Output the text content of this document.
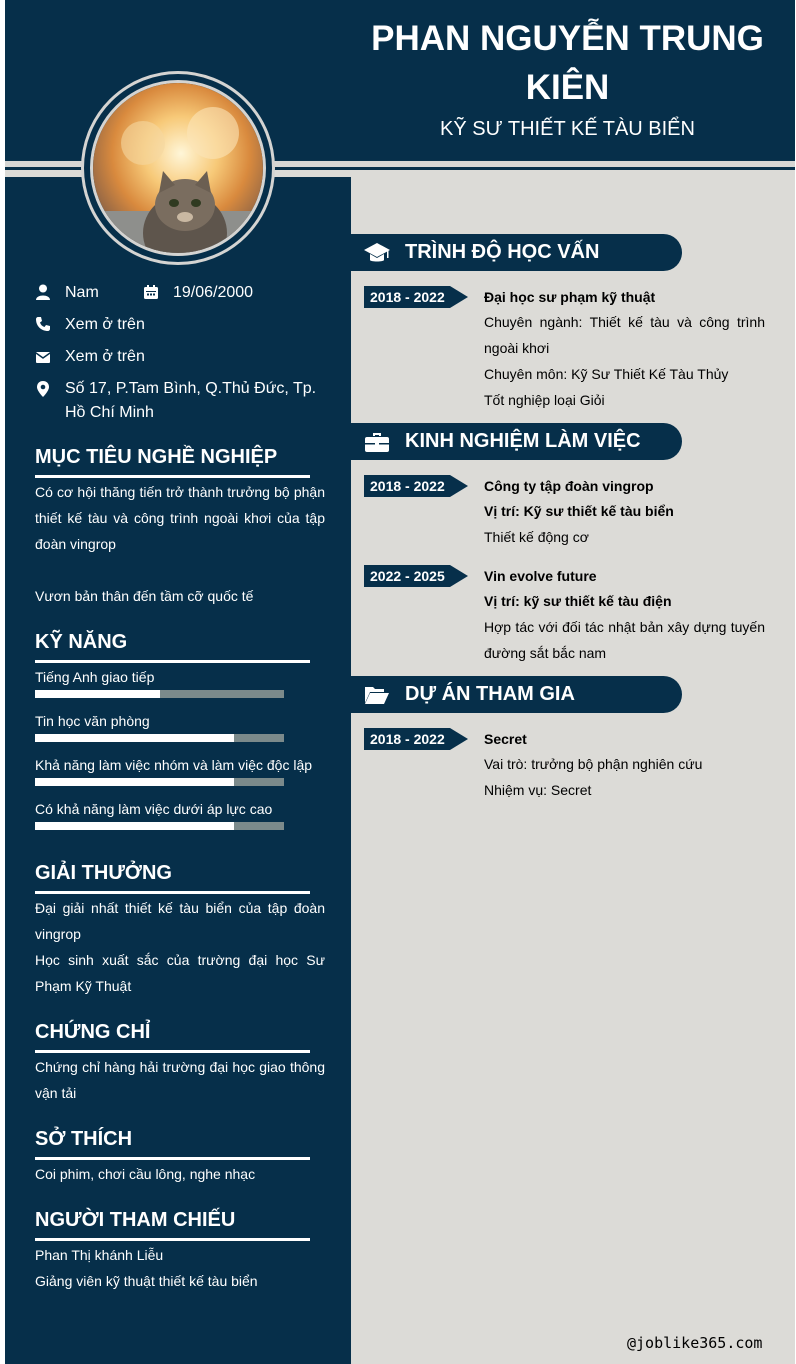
PHAN NGUYỄN TRUNG KIÊN
KỸ SƯ THIẾT KẾ TÀU BIỂN
Nam	19/06/2000
Xem ở trên
Xem ở trên
Số 17, P.Tam Bình, Q.Thủ Đức, Tp. Hồ Chí Minh
MỤC TIÊU NGHỀ NGHIỆP
Có cơ hội thăng tiến trở thành trưởng bộ phận thiết kế tàu và công trình ngoài khơi của tập đoàn vingrop
Vươn bản thân đến tầm cỡ quốc tế
KỸ NĂNG
Tiếng Anh giao tiếp
Tin học văn phòng
Khả năng làm việc nhóm và làm việc độc lập
Có khả năng làm việc dưới áp lực cao
GIẢI THƯỞNG
Đại giải nhất thiết kế tàu biển của tập đoàn vingrop
Học sinh xuất sắc của trường đại học Sư Phạm Kỹ Thuật
CHỨNG CHỈ
Chứng chỉ hàng hải trường đại học giao thông vận tải
SỞ THÍCH
Coi phim, chơi cầu lông, nghe nhạc
NGƯỜI THAM CHIẾU
Phan Thị khánh Liễu
Giảng viên kỹ thuật thiết kế tàu biển
TRÌNH ĐỘ HỌC VẤN
2018 - 2022	Đại học sư phạm kỹ thuật
Chuyên ngành: Thiết kế tàu và công trình ngoài khơi
Chuyên môn: Kỹ Sư Thiết Kế Tàu Thủy
Tốt nghiệp loại Giỏi
KINH NGHIỆM LÀM VIỆC
2018 - 2022	Công ty tập đoàn vingrop
Vị trí: Kỹ sư thiết kế tàu biển
Thiết kế động cơ
2022 - 2025	Vin evolve future
Vị trí: kỹ sư thiết kế tàu điện
Hợp tác với đối tác nhật bản xây dựng tuyến đường sắt bắc nam
DỰ ÁN THAM GIA
2018 - 2022	Secret
Vai trò: trưởng bộ phận nghiên cứu
Nhiệm vụ: Secret
@joblike365.com
